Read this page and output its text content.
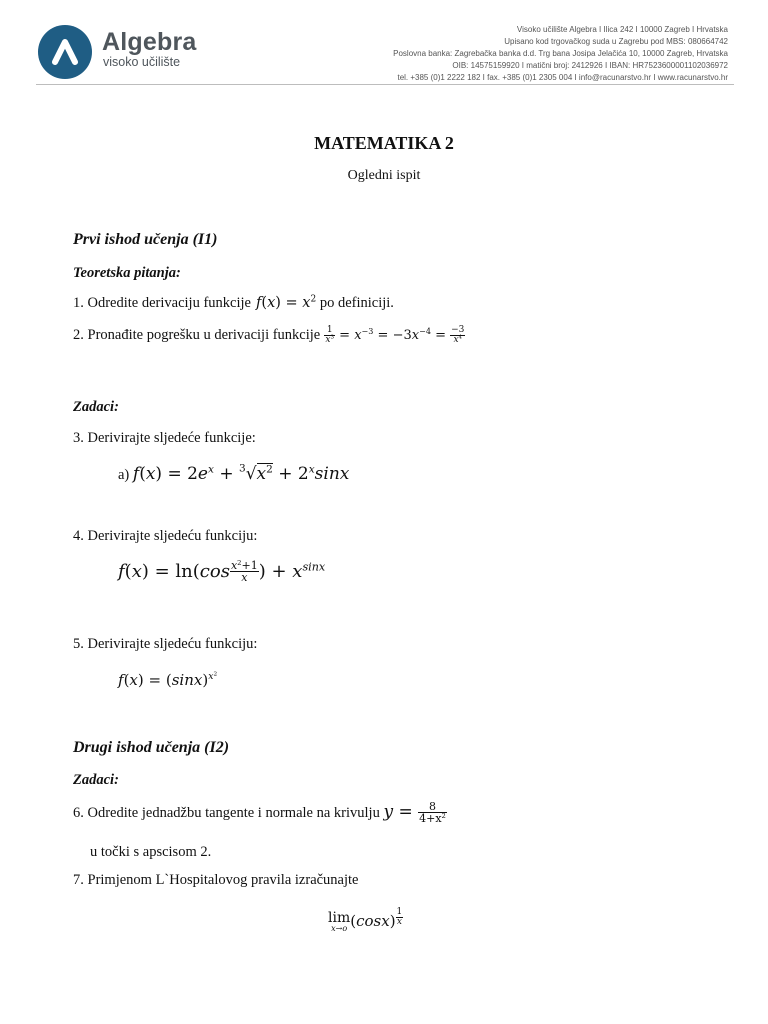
Algebra
visoko učilište
Visoko učilište Algebra I Ilica 242 I 10000 Zagreb I Hrvatska
Upisano kod trgovačkog suda u Zagrebu pod MBS: 080664742
Poslovna banka: Zagrebačka banka d.d. Trg bana Josipa Jelačića 10, 10000 Zagreb, Hrvatska
OIB: 14575159920 I matični broj: 2412926 I IBAN: HR7523600001102036972
tel. +385 (0)1 2222 182 I fax. +385 (0)1 2305 004 I info@racunarstvo.hr I www.racunarstvo.hr
MATEMATIKA 2
Ogledni ispit
Prvi ishod učenja (I1)
Teoretska pitanja:
1. Odredite derivaciju funkcije  $f(x) = x^2$ po definiciji.
2. Pronađite pogrešku u derivaciji funkcije $\frac{1}{x^3} = x^{-3} = -3x^{-4} = \frac{-3}{x^4}$
Zadaci:
3. Derivirajte sljedeće funkcije:
a) $f(x) = 2e^x + ^3√x^2 + 2^x\sin x$
4. Derivirajte sljedeću funkciju:
$f(x) = \ln(\cos \frac{x^2+1}{x}$ ) + $x^{sinx}$
5. Derivirajte sljedeću funkciju:
$f(x) = (\sin x)^{x^2}$
Drugi ishod učenja (I2)
Zadaci:
6. Odredite jednadžbu tangente i normale na krivulju $y = \frac{8}{4+x^2}$
u točki s apscisom 2.
7. Primjenom L`Hospitalovog pravila izračunajte
lim
x→o (cosx) $^{\frac{1}{x}}$
